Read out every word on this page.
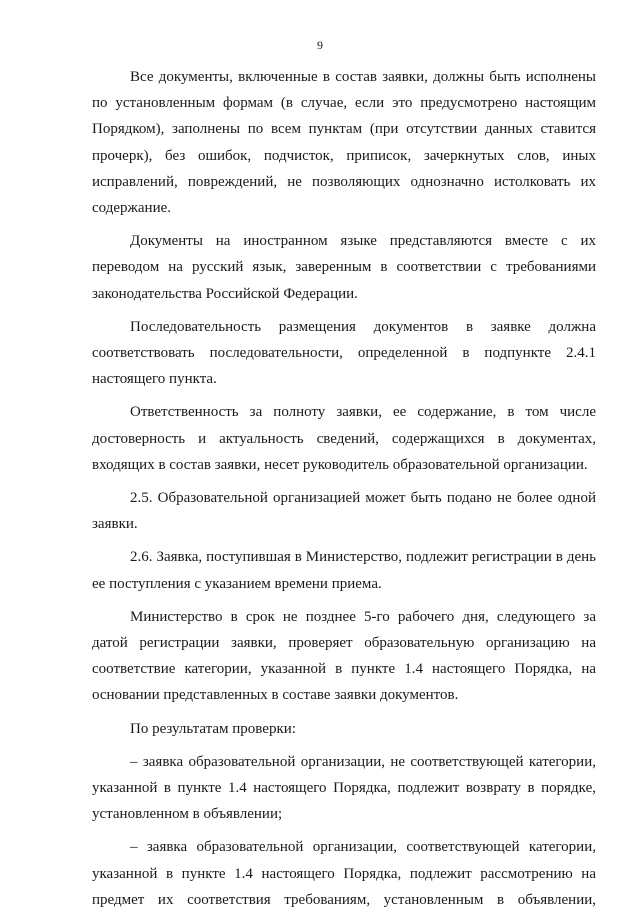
9

Все документы, включенные в состав заявки, должны быть исполнены по установленным формам (в случае, если это предусмотрено настоящим Порядком), заполнены по всем пунктам (при отсутствии данных ставится прочерк), без ошибок, подчисток, приписок, зачеркнутых слов, иных исправлений, повреждений, не позволяющих однозначно истолковать их содержание.

Документы на иностранном языке представляются вместе с их переводом на русский язык, заверенным в соответствии с требованиями законодательства Российской Федерации.

Последовательность размещения документов в заявке должна соответствовать последовательности, определенной в подпункте 2.4.1 настоящего пункта.

Ответственность за полноту заявки, ее содержание, в том числе достоверность и актуальность сведений, содержащихся в документах, входящих в состав заявки, несет руководитель образовательной организации.

2.5. Образовательной организацией может быть подано не более одной заявки.

2.6. Заявка, поступившая в Министерство, подлежит регистрации в день ее поступления с указанием времени приема.

Министерство в срок не позднее 5-го рабочего дня, следующего за датой регистрации заявки, проверяет образовательную организацию на соответствие категории, указанной в пункте 1.4 настоящего Порядка, на основании представленных в составе заявки документов.

По результатам проверки:

– заявка образовательной организации, не соответствующей категории, указанной в пункте 1.4 настоящего Порядка, подлежит возврату в порядке, установленном в объявлении;

– заявка образовательной организации, соответствующей категории, указанной в пункте 1.4 настоящего Порядка, подлежит рассмотрению на предмет их соответствия требованиям, установленным в объявлении,
